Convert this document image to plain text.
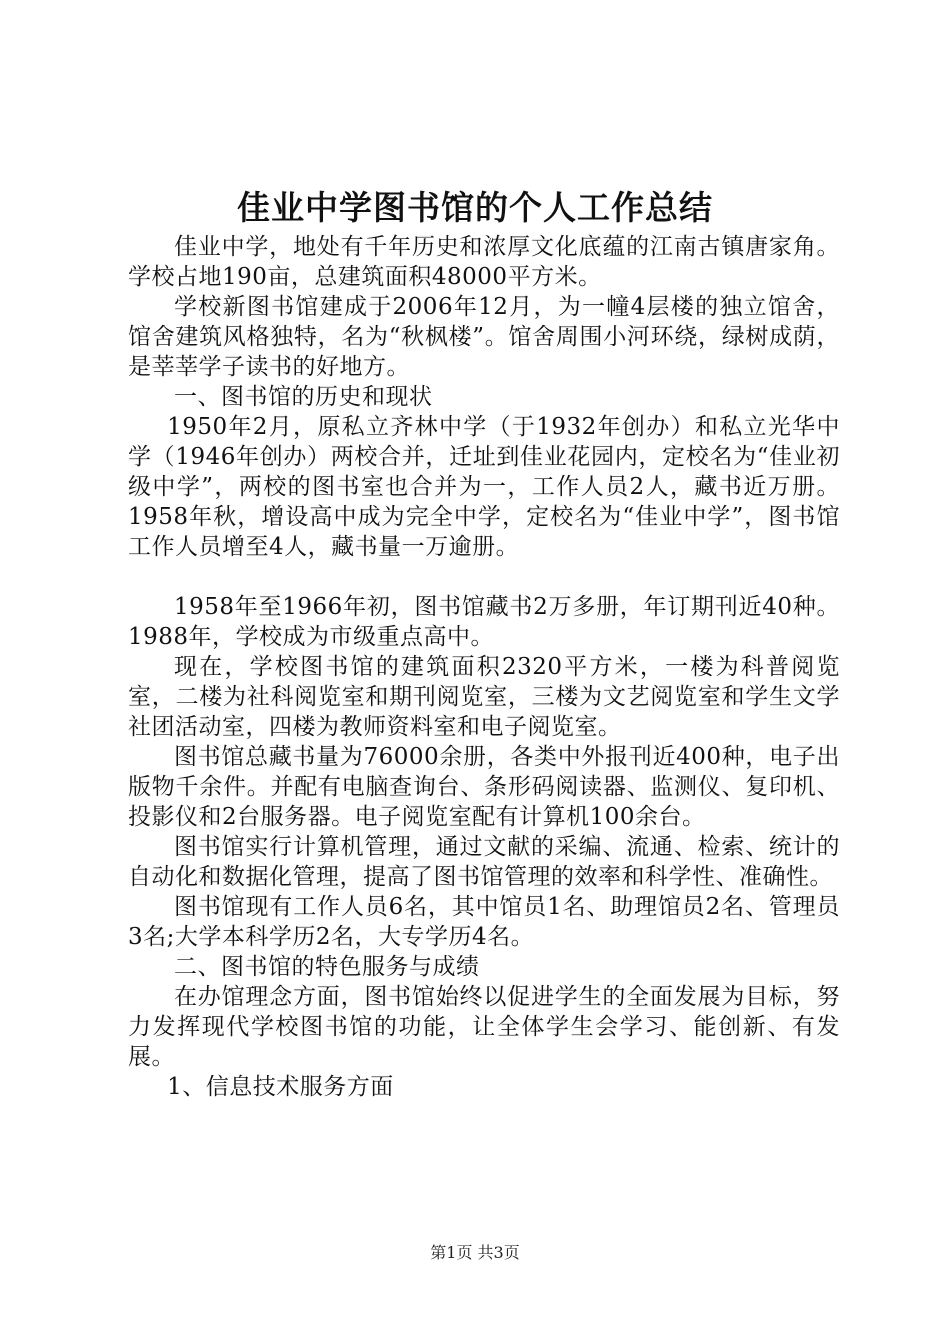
佳业中学图书馆的个人工作总结

佳业中学，地处有千年历史和浓厚文化底蕴的江南古镇唐家角。学校占地190亩，总建筑面积48000平方米。

学校新图书馆建成于2006年12月，为一幢4层楼的独立馆舍，馆舍建筑风格独特，名为“秋枫楼”。馆舍周围小河环绕，绿树成荫，是莘莘学子读书的好地方。

一、图书馆的历史和现状

1950年2月，原私立齐林中学（于1932年创办）和私立光华中学（1946年创办）两校合并，迁址到佳业花园内，定校名为“佳业初级中学”，两校的图书室也合并为一，工作人员2人，藏书近万册。1958年秋，增设高中成为完全中学，定校名为“佳业中学”，图书馆工作人员增至4人，藏书量一万逾册。

1958年至1966年初，图书馆藏书2万多册，年订期刊近40种。1988年，学校成为市级重点高中。

现在，学校图书馆的建筑面积2320平方米，一楼为科普阅览室，二楼为社科阅览室和期刊阅览室，三楼为文艺阅览室和学生文学社团活动室，四楼为教师资料室和电子阅览室。

图书馆总藏书量为76000余册，各类中外报刊近400种，电子出版物千余件。并配有电脑查询台、条形码阅读器、监测仪、复印机、投影仪和2台服务器。电子阅览室配有计算机100余台。

图书馆实行计算机管理，通过文献的采编、流通、检索、统计的自动化和数据化管理，提高了图书馆管理的效率和科学性、准确性。

图书馆现有工作人员6名，其中馆员1名、助理馆员2名、管理员3名;大学本科学历2名，大专学历4名。

二、图书馆的特色服务与成绩

在办馆理念方面，图书馆始终以促进学生的全面发展为目标，努力发挥现代学校图书馆的功能，让全体学生会学习、能创新、有发展。

1、信息技术服务方面

第1页 共3页
